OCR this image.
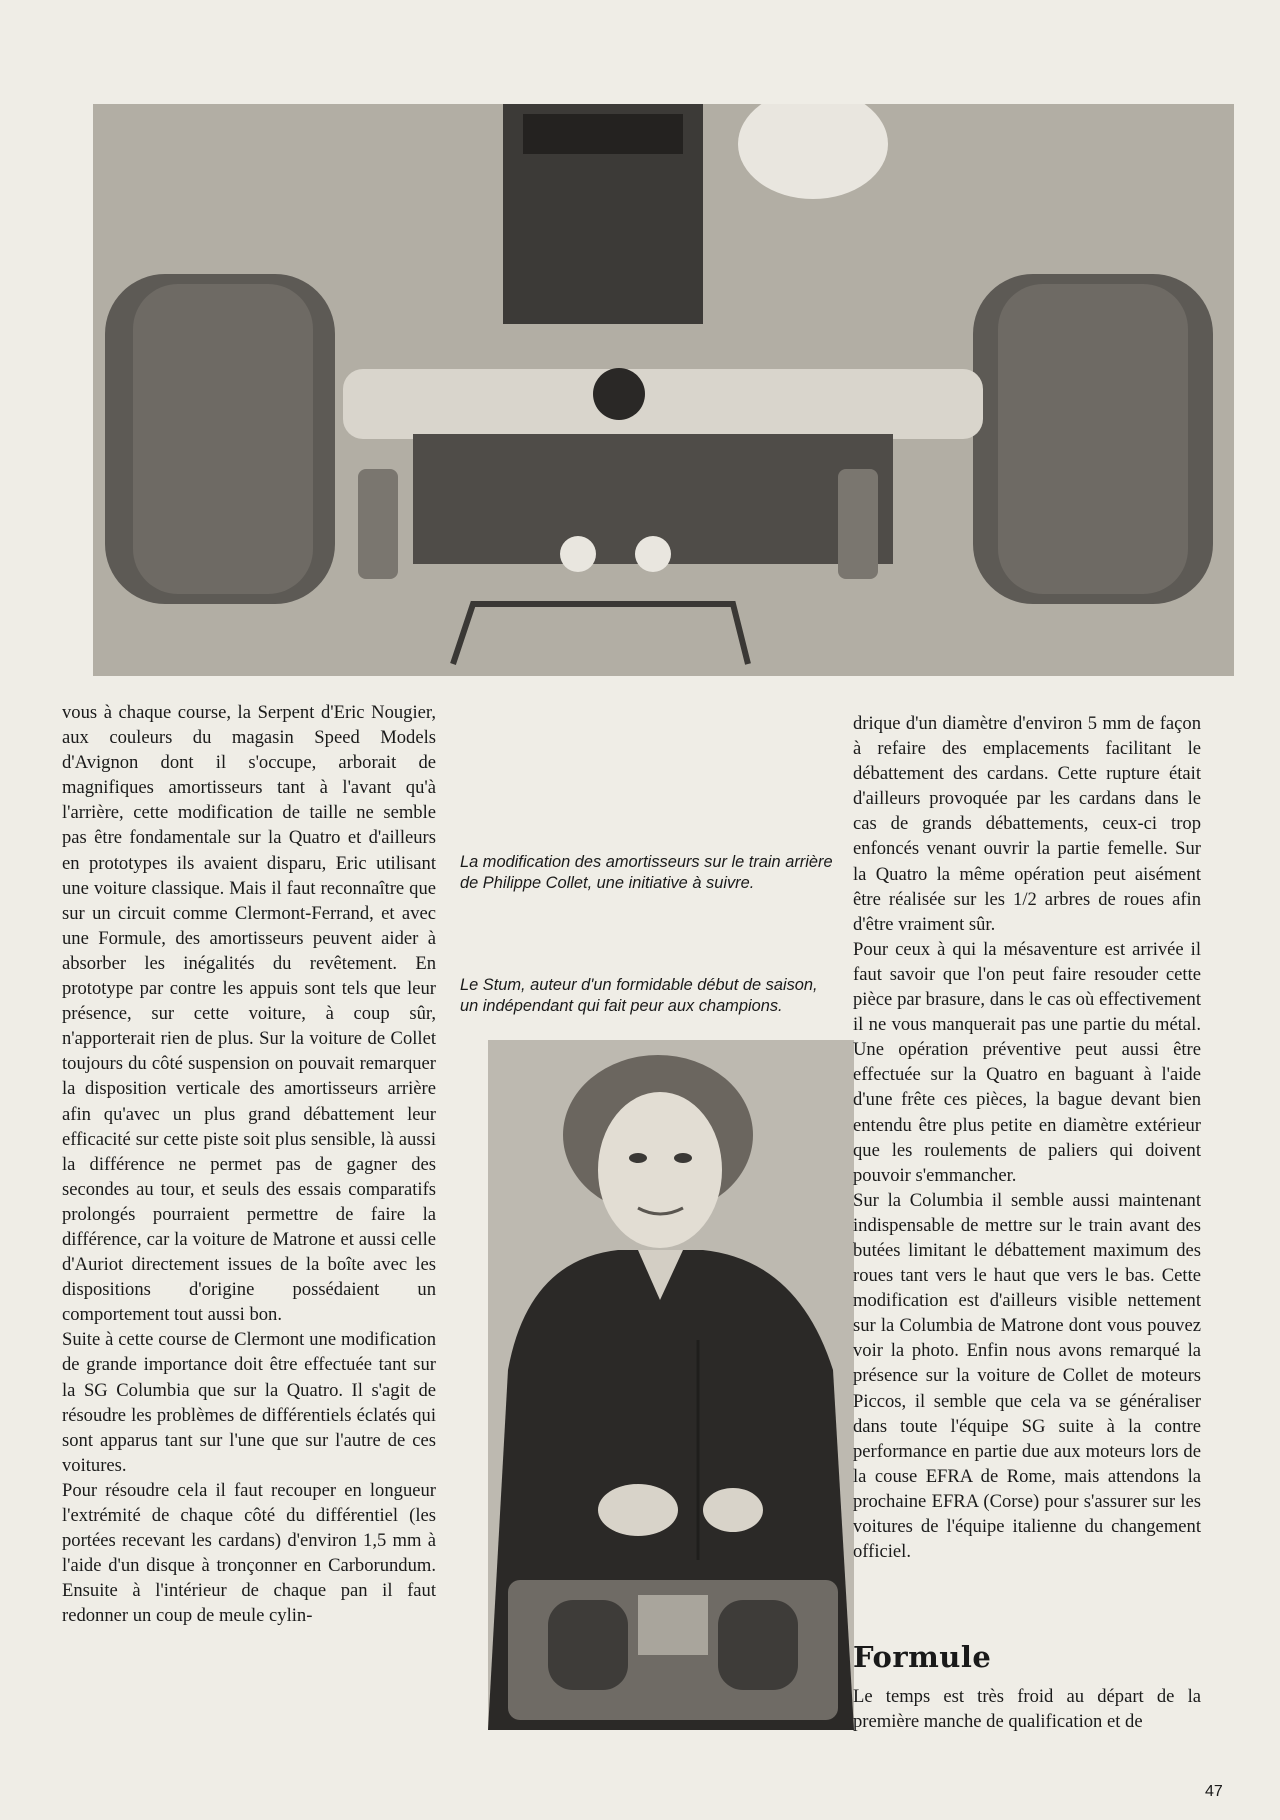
La modification des amortisseurs sur le train arrière de Philippe Collet, une initiative à suivre.
Le Stum, auteur d'un formidable début de saison, un indépendant qui fait peur aux champions.

vous à chaque course, la Serpent d'Eric Nougier, aux couleurs du magasin Speed Models d'Avignon dont il s'occupe, arborait de magnifiques amortisseurs tant à l'avant qu'à l'arrière, cette modification de taille ne semble pas être fondamentale sur la Quatro et d'ailleurs en prototypes ils avaient disparu, Eric utilisant une voiture classique. Mais il faut reconnaître que sur un circuit comme Clermont-Ferrand, et avec une Formule, des amortisseurs peuvent aider à absorber les inégalités du revêtement. En prototype par contre les appuis sont tels que leur présence, sur cette voiture, à coup sûr, n'apporterait rien de plus. Sur la voiture de Collet toujours du côté suspension on pouvait remarquer la disposition verticale des amortisseurs arrière afin qu'avec un plus grand débattement leur efficacité sur cette piste soit plus sensible, là aussi la différence ne permet pas de gagner des secondes au tour, et seuls des essais comparatifs prolongés pourraient permettre de faire la différence, car la voiture de Matrone et aussi celle d'Auriot directement issues de la boîte avec les dispositions d'origine possédaient un comportement tout aussi bon.

Suite à cette course de Clermont une modification de grande importance doit être effectuée tant sur la SG Columbia que sur la Quatro. Il s'agit de résoudre les problèmes de différentiels éclatés qui sont apparus tant sur l'une que sur l'autre de ces voitures.

Pour résoudre cela il faut recouper en longueur l'extrémité de chaque côté du différentiel (les portées recevant les cardans) d'environ 1,5 mm à l'aide d'un disque à tronçonner en Carborundum. Ensuite à l'intérieur de chaque pan il faut redonner un coup de meule cylin-

drique d'un diamètre d'environ 5 mm de façon à refaire des emplacements facilitant le débattement des cardans. Cette rupture était d'ailleurs provoquée par les cardans dans le cas de grands débattements, ceux-ci trop enfoncés venant ouvrir la partie femelle. Sur la Quatro la même opération peut aisément être réalisée sur les 1/2 arbres de roues afin d'être vraiment sûr.

Pour ceux à qui la mésaventure est arrivée il faut savoir que l'on peut faire resouder cette pièce par brasure, dans le cas où effectivement il ne vous manquerait pas une partie du métal. Une opération préventive peut aussi être effectuée sur la Quatro en baguant à l'aide d'une frête ces pièces, la bague devant bien entendu être plus petite en diamètre extérieur que les roulements de paliers qui doivent pouvoir s'emmancher.

Sur la Columbia il semble aussi maintenant indispensable de mettre sur le train avant des butées limitant le débattement maximum des roues tant vers le haut que vers le bas. Cette modification est d'ailleurs visible nettement sur la Columbia de Matrone dont vous pouvez voir la photo. Enfin nous avons remarqué la présence sur la voiture de Collet de moteurs Piccos, il semble que cela va se généraliser dans toute l'équipe SG suite à la contre performance en partie due aux moteurs lors de la couse EFRA de Rome, mais attendons la prochaine EFRA (Corse) pour s'assurer sur les voitures de l'équipe italienne du changement officiel.

Formule
Le temps est très froid au départ de la première manche de qualification et de
47
